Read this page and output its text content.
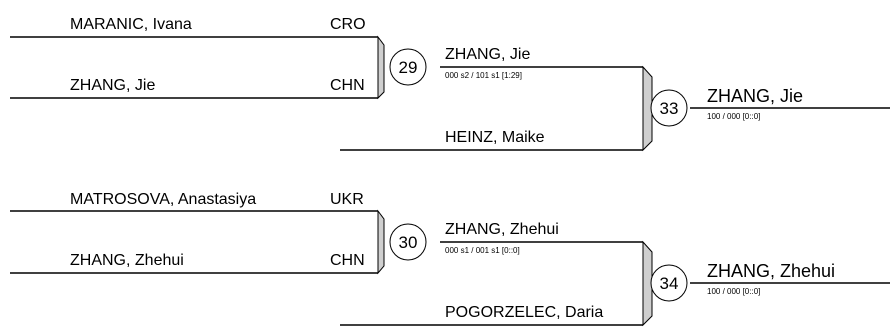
29
30
33
34
MARANIC, Ivana	CRO
ZHANG, Jie	CHN
ZHANG, Jie
000 s2 / 101 s1 [1:29]
HEINZ, Maike
ZHANG, Jie
100 / 000 [0::0]
MATROSOVA, Anastasiya	UKR
ZHANG, Zhehui	CHN
ZHANG, Zhehui
000 s1 / 001 s1 [0::0]
POGORZELEC, Daria
ZHANG, Zhehui
100 / 000 [0::0]
